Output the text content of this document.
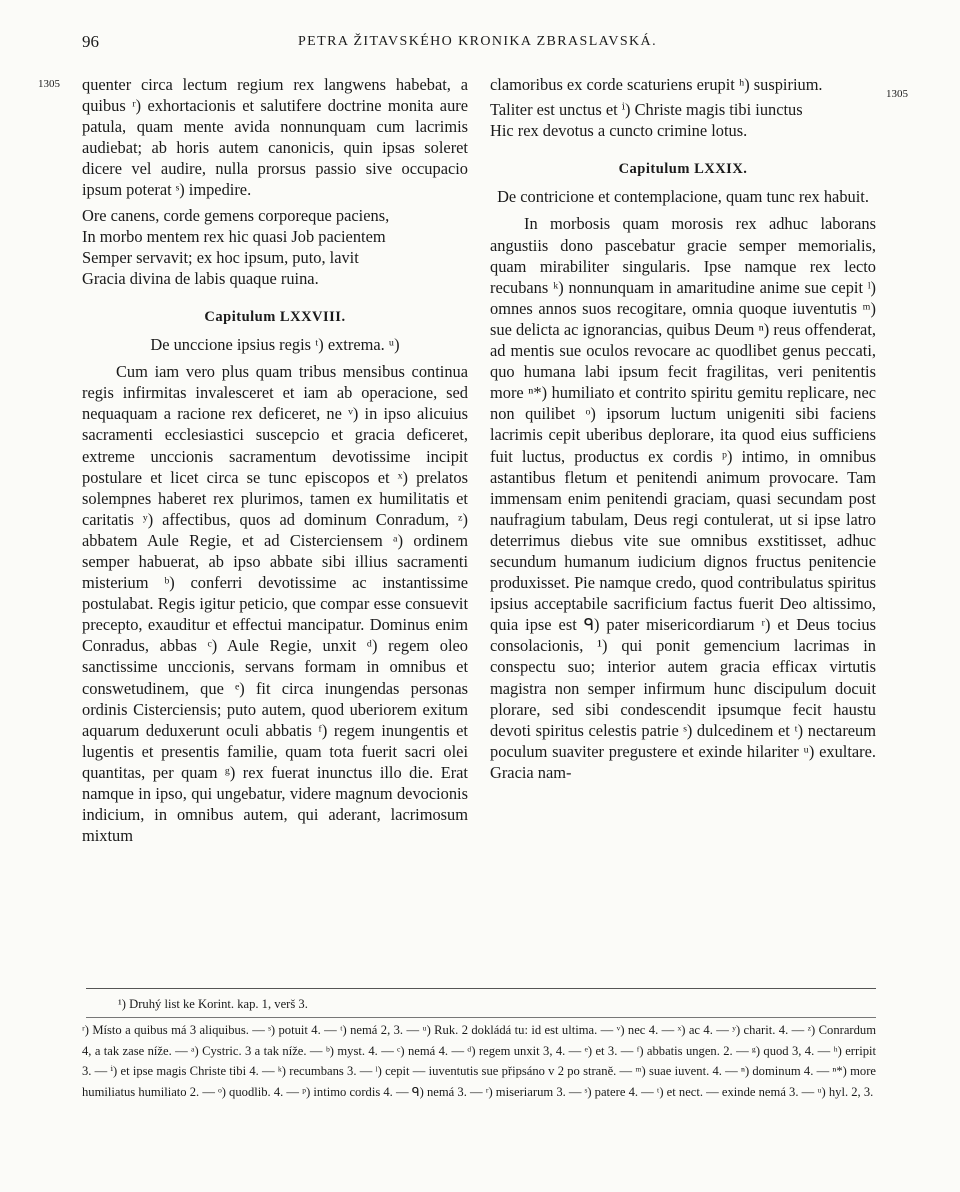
96	PETRA ŽITAVSKÉHO KRONIKA ZBRASLAVSKÁ.
1305
1305

quenter circa lectum regium rex langwens habebat, a quibus ʳ) exhortacionis et salutifere doctrine monita aure patula, quam mente avida nonnunquam cum lacrimis audiebat; ab horis autem canonicis, quin ipsas soleret dicere vel audire, nulla prorsus passio sive occupacio ipsum poterat ˢ) impedire.

Ore canens, corde gemens corporeque paciens,
In morbo mentem rex hic quasi Job pacientem
Semper servavit; ex hoc ipsum, puto, lavit
Gracia divina de labis quaque ruina.

Capitulum LXXVIII.

De unccione ipsius regis ᵗ) extrema. ᵘ)

Cum iam vero plus quam tribus mensibus continua regis infirmitas invalesceret et iam ab operacione, sed nequaquam a racione rex deficeret, ne ᵛ) in ipso alicuius sacramenti ecclesiastici suscepcio et gracia deficeret, extreme unccionis sacramentum devotissime incipit postulare et licet circa se tunc episcopos et ˣ) prelatos solempnes haberet rex plurimos, tamen ex humilitatis et caritatis ʸ) affectibus, quos ad dominum Conradum, ᶻ) abbatem Aule Regie, et ad Cisterciensem ᵃ) ordinem semper habuerat, ab ipso abbate sibi illius sacramenti misterium ᵇ) conferri devotissime ac instantissime postulabat. Regis igitur peticio, que compar esse consuevit precepto, exauditur et effectui mancipatur. Dominus enim Conradus, abbas ᶜ) Aule Regie, unxit ᵈ) regem oleo sanctissime unccionis, servans formam in omnibus et conswetudinem, que ᵉ) fit circa inungendas personas ordinis Cisterciensis; puto autem, quod uberiorem exitum aquarum deduxerunt oculi abbatis ᶠ) regem inungentis et lugentis et presentis familie, quam tota fuerit sacri olei quantitas, per quam ᵍ) rex fuerat inunctus illo die. Erat namque in ipso, qui ungebatur, videre magnum devocionis indicium, in omnibus autem, qui aderant, lacrimosum mixtum

clamoribus ex corde scaturiens erupit ʰ) suspirium.

Taliter est unctus et ⁱ) Christe magis tibi iunctus
Hic rex devotus a cuncto crimine lotus.

Capitulum LXXIX.

De contricione et contemplacione, quam tunc rex habuit.

In morbosis quam morosis rex adhuc laborans angustiis dono pascebatur gracie semper memorialis, quam mirabiliter singularis. Ipse namque rex lecto recubans ᵏ) nonnunquam in amaritudine anime sue cepit ˡ) omnes annos suos recogitare, omnia quoque iuventutis ᵐ) sue delicta ac ignorancias, quibus Deum ⁿ) reus offenderat, ad mentis sue oculos revocare ac quodlibet genus peccati, quo humana labi ipsum fecit fragilitas, veri penitentis more ⁿ*) humiliato et contrito spiritu gemitu replicare, nec non quilibet ᵒ) ipsorum luctum unigeniti sibi faciens lacrimis cepit uberibus deplorare, ita quod eius sufficiens fuit luctus, productus ex cordis ᵖ) intimo, in omnibus astantibus fletum et penitendi animum provocare. Tam immensam enim penitendi graciam, quasi secundam post naufragium tabulam, Deus regi contulerat, ut si ipse latro deterrimus diebus vite sue omnibus exstitisset, adhuc secundum humanum iudicium dignos fructus penitencie produxisset. Pie namque credo, quod contribulatus spiritus ipsius acceptabile sacrificium factus fuerit Deo altissimo, quia ipse est ᑫ) pater misericordiarum ʳ) et Deus tocius consolacionis, ¹) qui ponit gemencium lacrimas in conspectu suo; interior autem gracia efficax virtutis magistra non semper infirmum hunc discipulum docuit plorare, sed sibi condescendit ipsumque fecit haustu devoti spiritus celestis patrie ˢ) dulcedinem et ᵗ) nectareum poculum suaviter pregustere et exinde hilariter ᵘ) exultare. Gracia nam-

¹) Druhý list ke Korint. kap. 1, verš 3.

ʳ) Místo a quibus má 3 aliquibus. — ˢ) potuit 4. — ᵗ) nemá 2, 3. — ᵘ) Ruk. 2 dokládá tu: id est ultima. — ᵛ) nec 4. — ˣ) ac 4. — ʸ) charit. 4. — ᶻ) Conrardum 4, a tak zase níže. — ᵃ) Cystric. 3 a tak níže. — ᵇ) myst. 4. — ᶜ) nemá 4. — ᵈ) regem unxit 3, 4. — ᵉ) et 3. — ᶠ) abbatis ungen. 2. — ᵍ) quod 3, 4. — ʰ) erripit 3. — ⁱ) et ipse magis Christe tibi 4. — ᵏ) recumbans 3. — ˡ) cepit — iuventutis sue připsáno v 2 po straně. — ᵐ) suae iuvent. 4. — ⁿ) dominum 4. — ⁿ*) more humiliatus humiliato 2. — ᵒ) quodlib. 4. — ᵖ) intimo cordis 4. — ᑫ) nemá 3. — ʳ) miseriarum 3. — ˢ) patere 4. — ᵗ) et nect. — exinde nemá 3. — ᵘ) hyl. 2, 3.
